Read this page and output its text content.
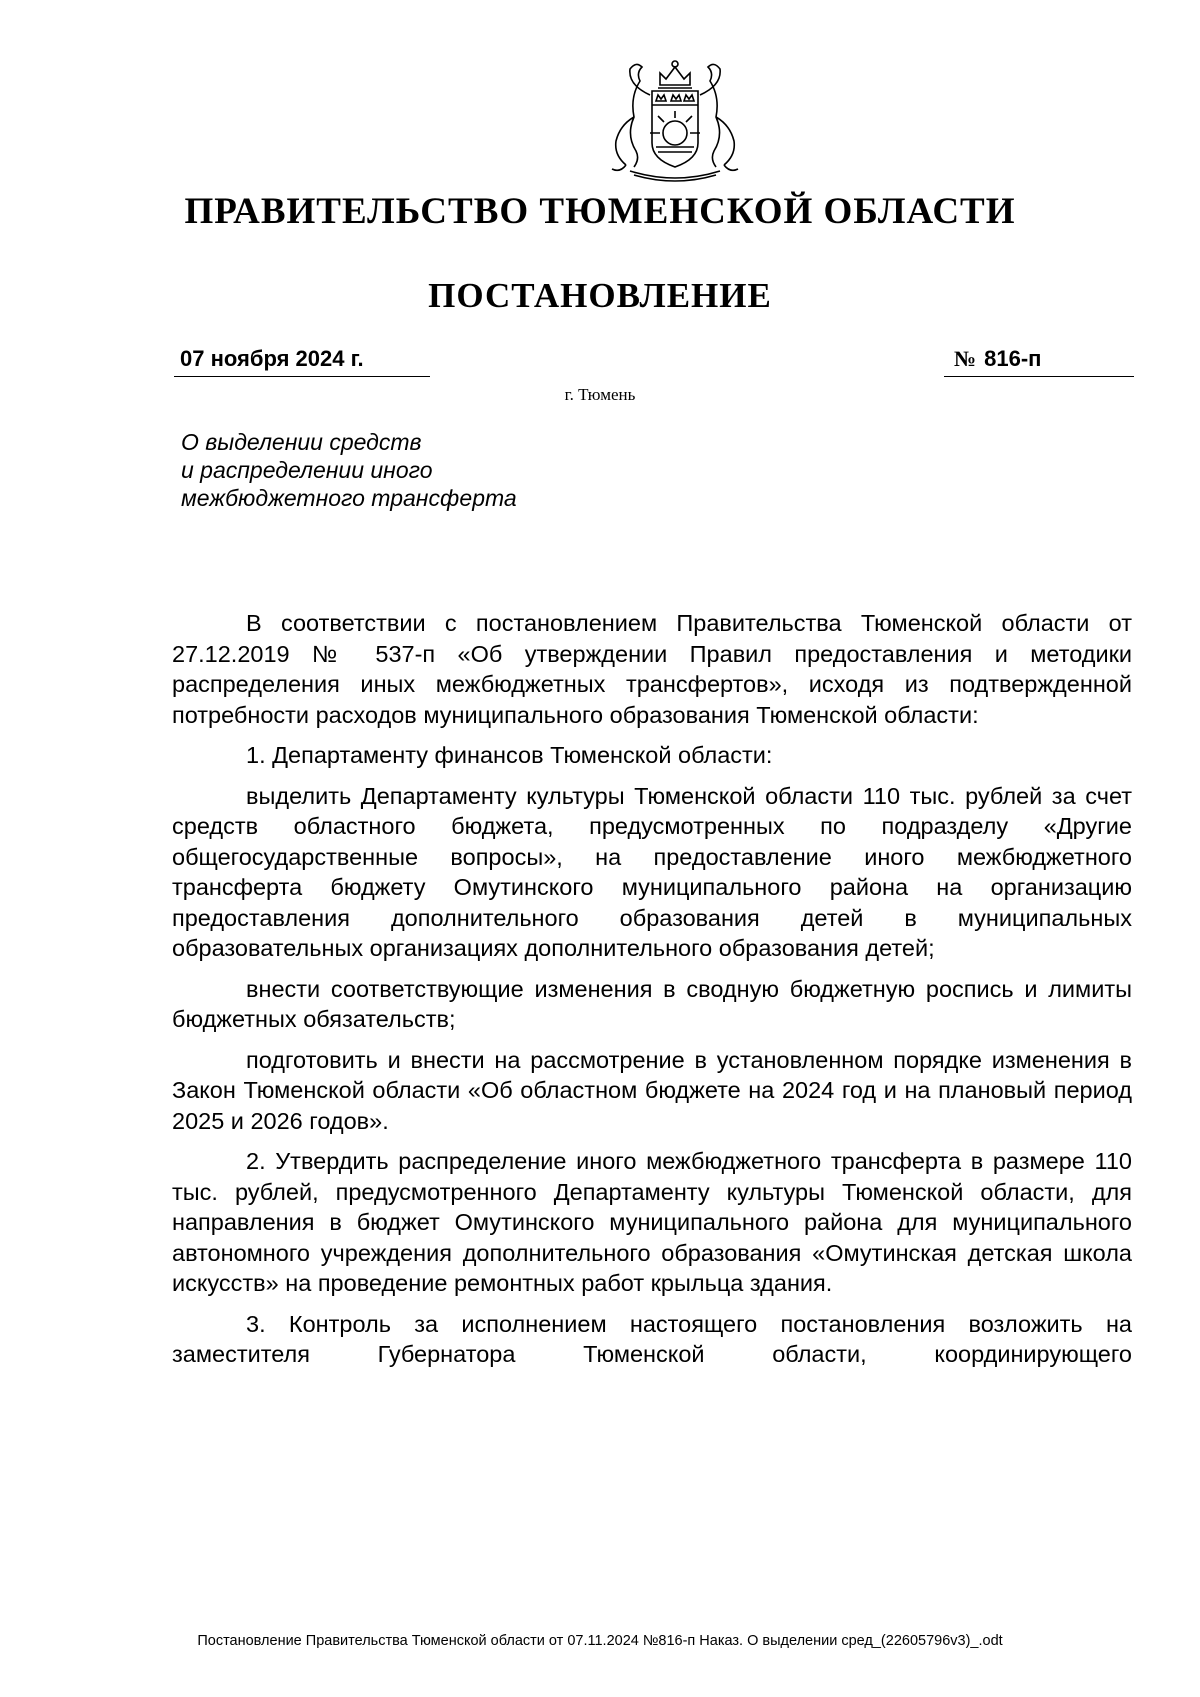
ПРАВИТЕЛЬСТВО ТЮМЕНСКОЙ ОБЛАСТИ
ПОСТАНОВЛЕНИЕ
07 ноября 2024 г.	№ 816-п
г. Тюмень
О выделении средств
и распределении иного
межбюджетного трансферта

В соответствии с постановлением Правительства Тюменской области от 27.12.2019 № 537-п «Об утверждении Правил предоставления и методики распределения иных межбюджетных трансфертов», исходя из подтвержденной потребности расходов муниципального образования Тюменской области:

1. Департаменту финансов Тюменской области:

выделить Департаменту культуры Тюменской области 110 тыс. рублей за счет средств областного бюджета, предусмотренных по подразделу «Другие общегосударственные вопросы», на предоставление иного межбюджетного трансферта бюджету Омутинского муниципального района на организацию предоставления дополнительного образования детей в муниципальных образовательных организациях дополнительного образования детей;

внести соответствующие изменения в сводную бюджетную роспись и лимиты бюджетных обязательств;

подготовить и внести на рассмотрение в установленном порядке изменения в Закон Тюменской области «Об областном бюджете на 2024 год и на плановый период 2025 и 2026 годов».

2. Утвердить распределение иного межбюджетного трансферта в размере 110 тыс. рублей, предусмотренного Департаменту культуры Тюменской области, для направления в бюджет Омутинского муниципального района для муниципального автономного учреждения дополнительного образования «Омутинская детская школа искусств» на проведение ремонтных работ крыльца здания.

3. Контроль за исполнением настоящего постановления возложить на заместителя Губернатора Тюменской области, координирующего

Постановление Правительства Тюменской области от 07.11.2024 №816-п Наказ. О выделении сред_(22605796v3)_.odt
